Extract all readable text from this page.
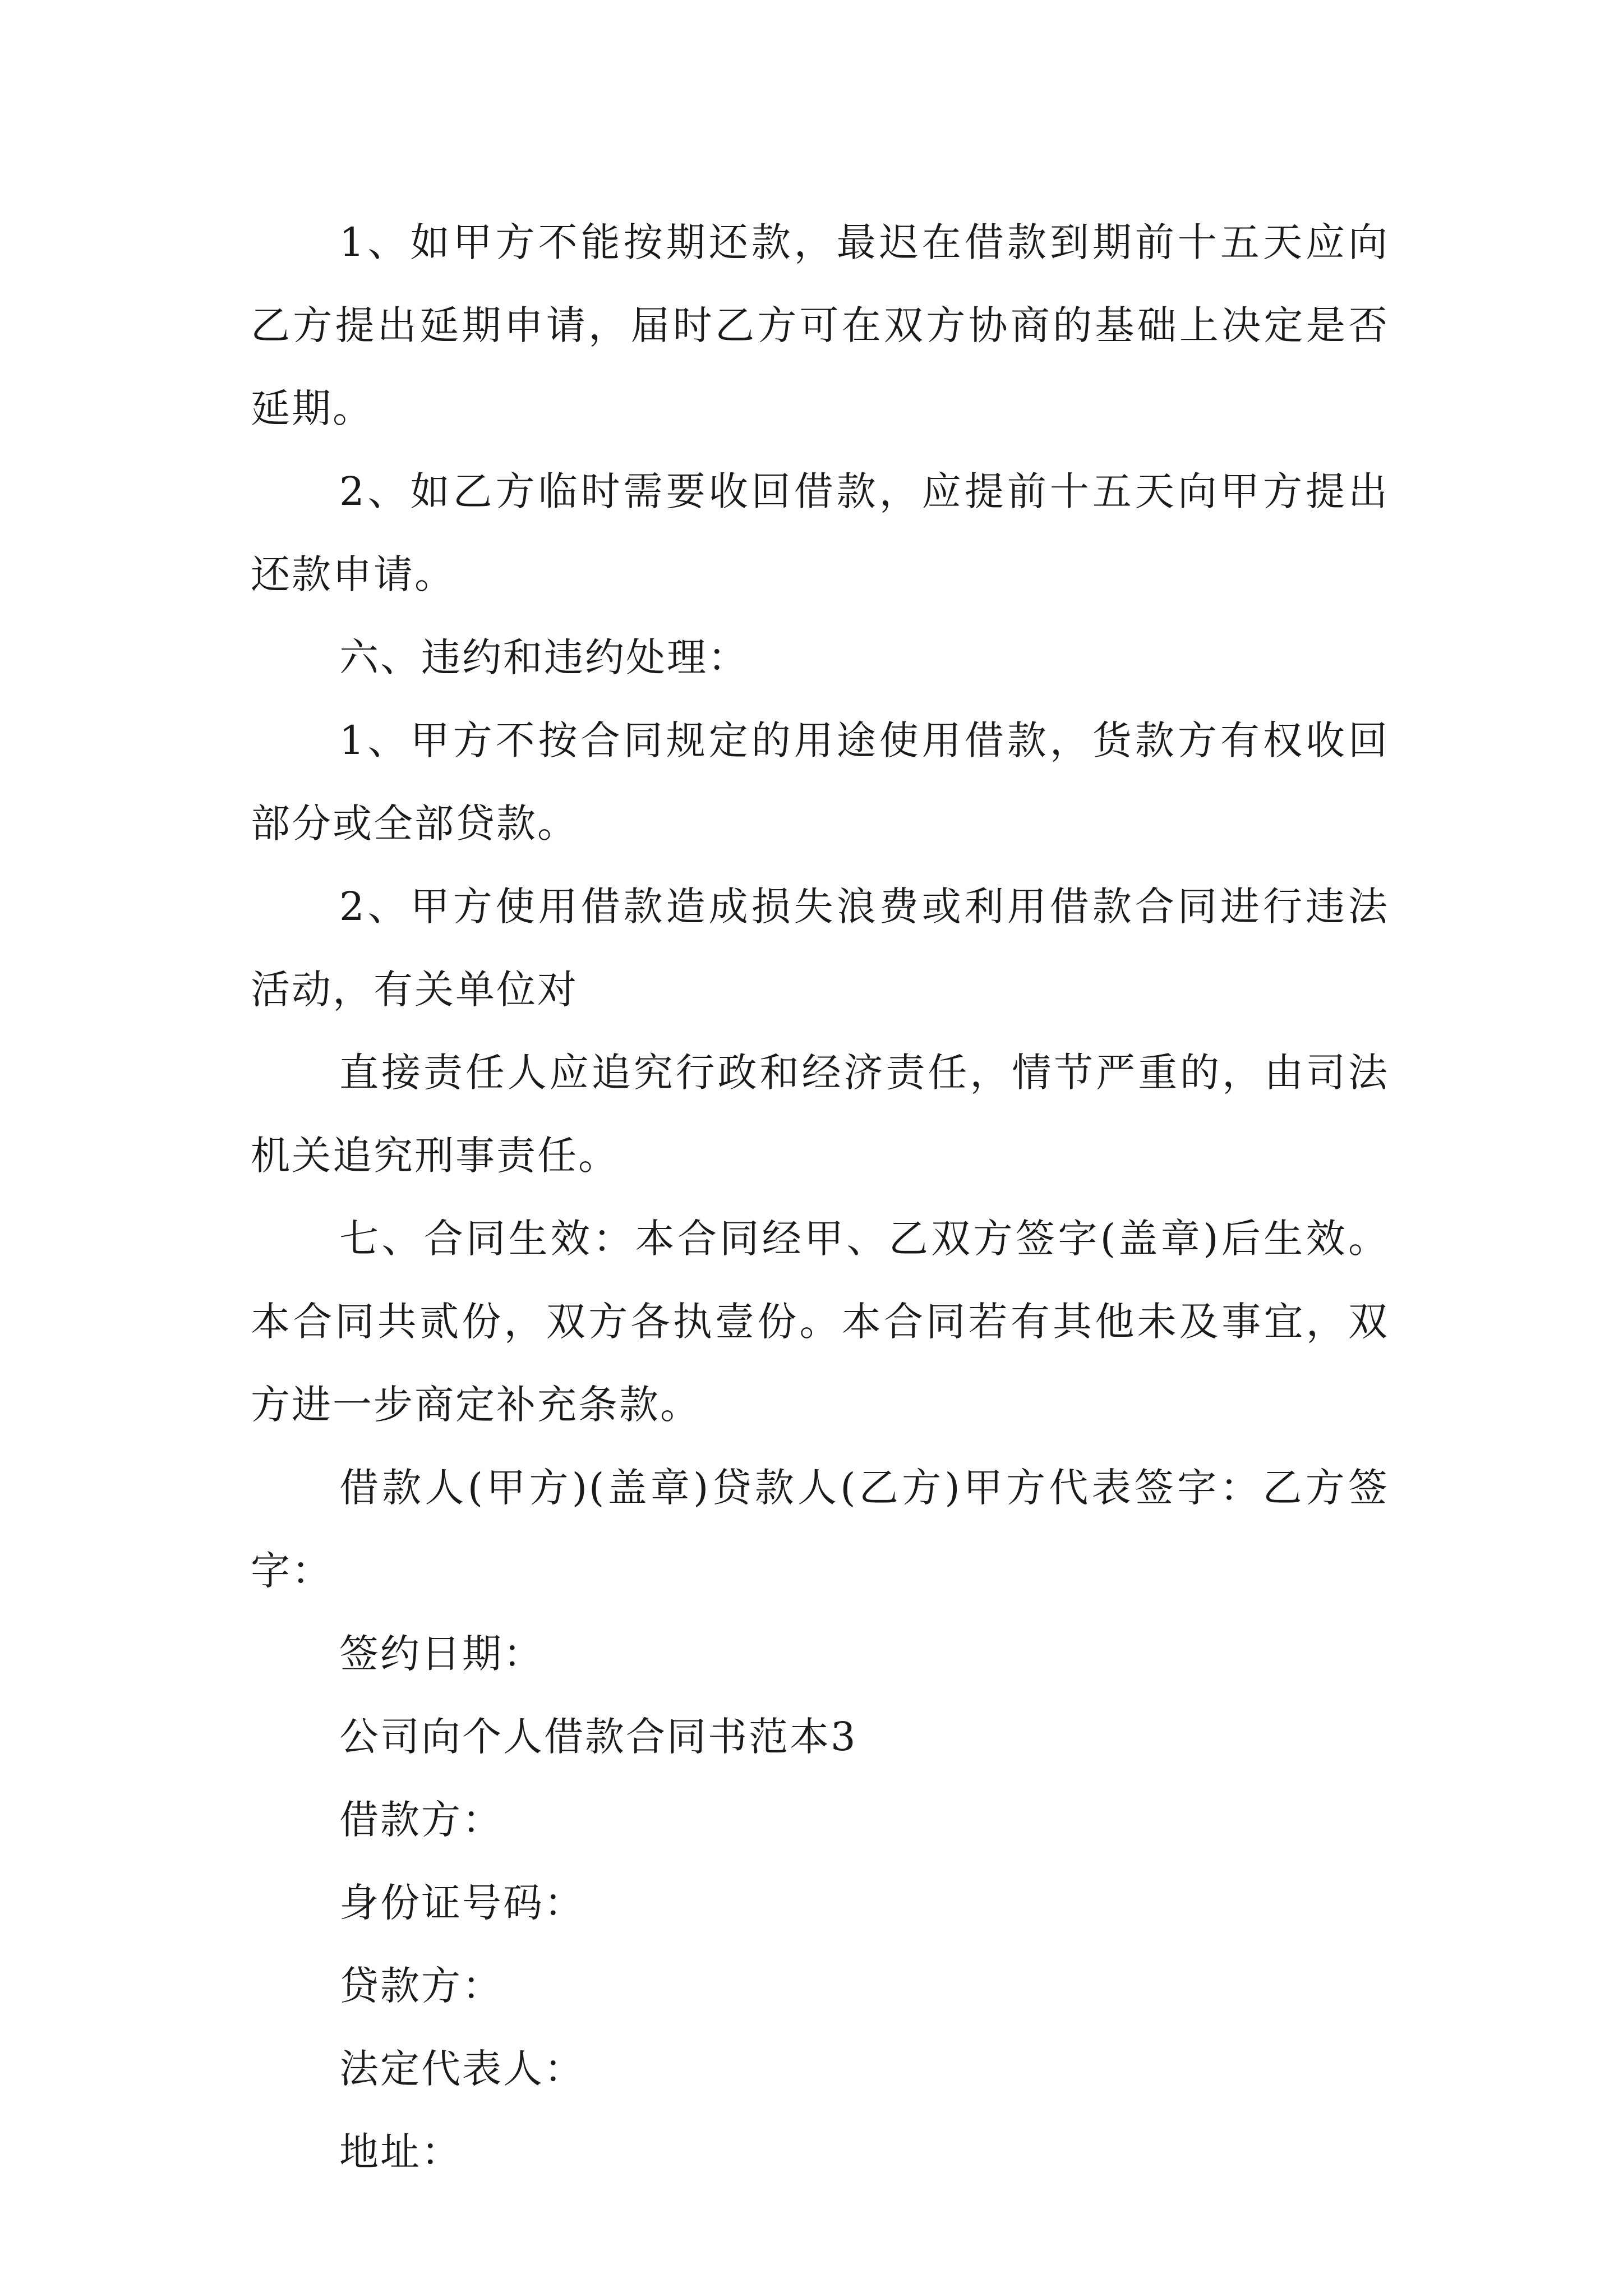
1、如甲方不能按期还款，最迟在借款到期前十五天应向乙方提出延期申请，届时乙方可在双方协商的基础上决定是否延期。

2、如乙方临时需要收回借款，应提前十五天向甲方提出还款申请。

六、违约和违约处理：

1、甲方不按合同规定的用途使用借款，货款方有权收回部分或全部贷款。

2、甲方使用借款造成损失浪费或利用借款合同进行违法活动，有关单位对

直接责任人应追究行政和经济责任，情节严重的，由司法机关追究刑事责任。

七、合同生效：本合同经甲、乙双方签字(盖章)后生效。本合同共贰份，双方各执壹份。本合同若有其他未及事宜，双方进一步商定补充条款。

借款人(甲方)(盖章)贷款人(乙方)甲方代表签字：乙方签字：

签约日期：

公司向个人借款合同书范本3

借款方：

身份证号码：

贷款方：

法定代表人：

地址：
